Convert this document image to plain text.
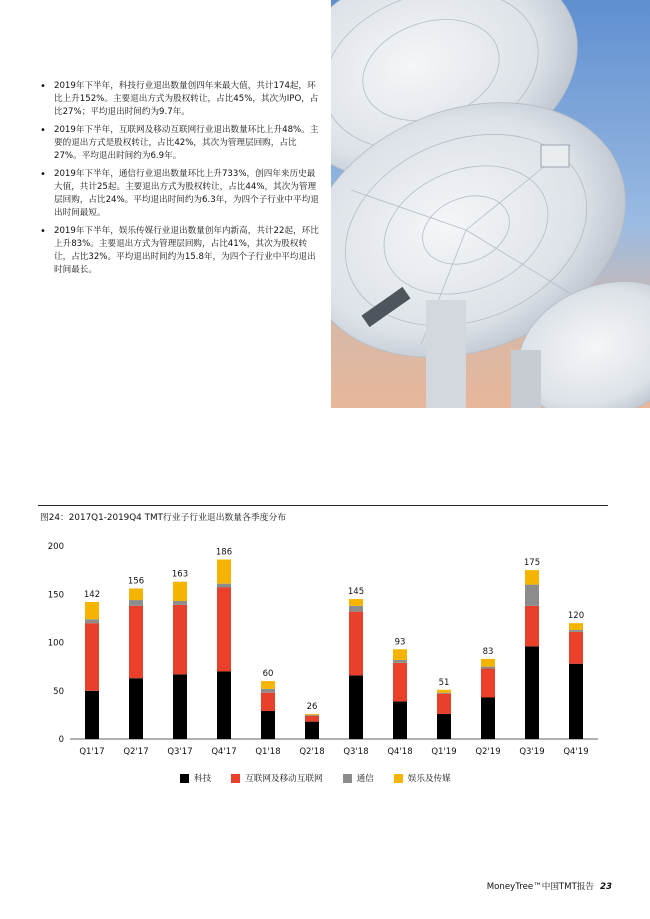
• 2019年下半年，科技行业退出数量创四年来最大值，共计174起，环比上升152%。主要退出方式为股权转让，占比45%，其次为IPO，占比27%；平均退出时间约为9.7年。
• 2019年下半年，互联网及移动互联网行业退出数量环比上升48%。主要的退出方式是股权转让，占比42%，其次为管理层回购，占比27%。平均退出时间约为6.9年。
• 2019年下半年，通信行业退出数量环比上升733%，创四年来历史最大值，共计25起。主要退出方式为股权转让，占比44%，其次为管理层回购，占比24%。平均退出时间约为6.3年，为四个子行业中平均退出时间最短。
• 2019年下半年，娱乐传媒行业退出数量创年内新高，共计22起，环比上升83%。主要退出方式为管理层回购，占比41%，其次为股权转让，占比32%。平均退出时间约为15.8年，为四个子行业中平均退出时间最长。
图24：2017Q1-2019Q4 TMT行业子行业退出数量各季度分布
0
50
100
150
200
142
Q1'17
156
Q2'17
163
Q3'17
186
Q4'17
60
Q1'18
26
Q2'18
145
Q3'18
93
Q4'18
51
Q1'19
83
Q2'19
175
Q3'19
120
Q4'19
科技	互联网及移动互联网	通信	娱乐及传媒
MoneyTree™中国TMT报告 23
